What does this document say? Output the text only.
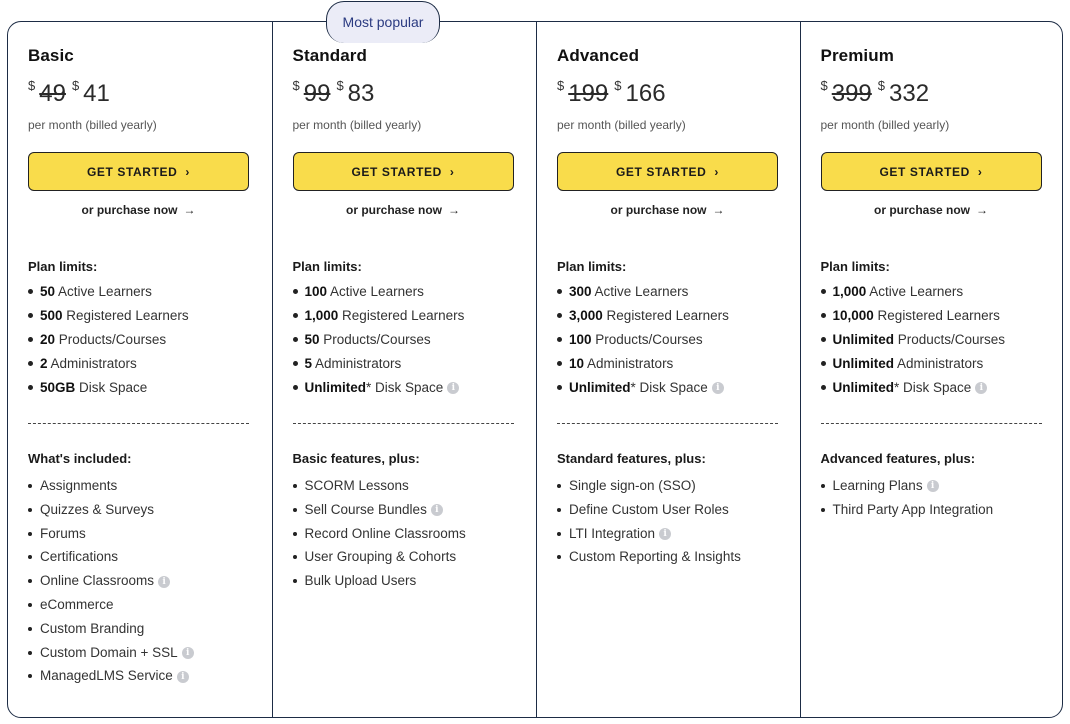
Most popular
Basic
$ 49 $ 41
per month (billed yearly)
GET STARTED ›
or purchase now →
Plan limits:
50 Active Learners
500 Registered Learners
20 Products/Courses
2 Administrators
50GB Disk Space
What's included:
Assignments
Quizzes & Surveys
Forums
Certifications
Online Classrooms i
eCommerce
Custom Branding
Custom Domain + SSL i
ManagedLMS Service i
Standard
$ 99 $ 83
per month (billed yearly)
GET STARTED ›
or purchase now →
Plan limits:
100 Active Learners
1,000 Registered Learners
50 Products/Courses
5 Administrators
Unlimited* Disk Space i
Basic features, plus:
SCORM Lessons
Sell Course Bundles i
Record Online Classrooms
User Grouping & Cohorts
Bulk Upload Users
Advanced
$ 199 $ 166
per month (billed yearly)
GET STARTED ›
or purchase now →
Plan limits:
300 Active Learners
3,000 Registered Learners
100 Products/Courses
10 Administrators
Unlimited* Disk Space i
Standard features, plus:
Single sign-on (SSO)
Define Custom User Roles
LTI Integration i
Custom Reporting & Insights
Premium
$ 399 $ 332
per month (billed yearly)
GET STARTED ›
or purchase now →
Plan limits:
1,000 Active Learners
10,000 Registered Learners
Unlimited Products/Courses
Unlimited Administrators
Unlimited* Disk Space i
Advanced features, plus:
Learning Plans i
Third Party App Integration
